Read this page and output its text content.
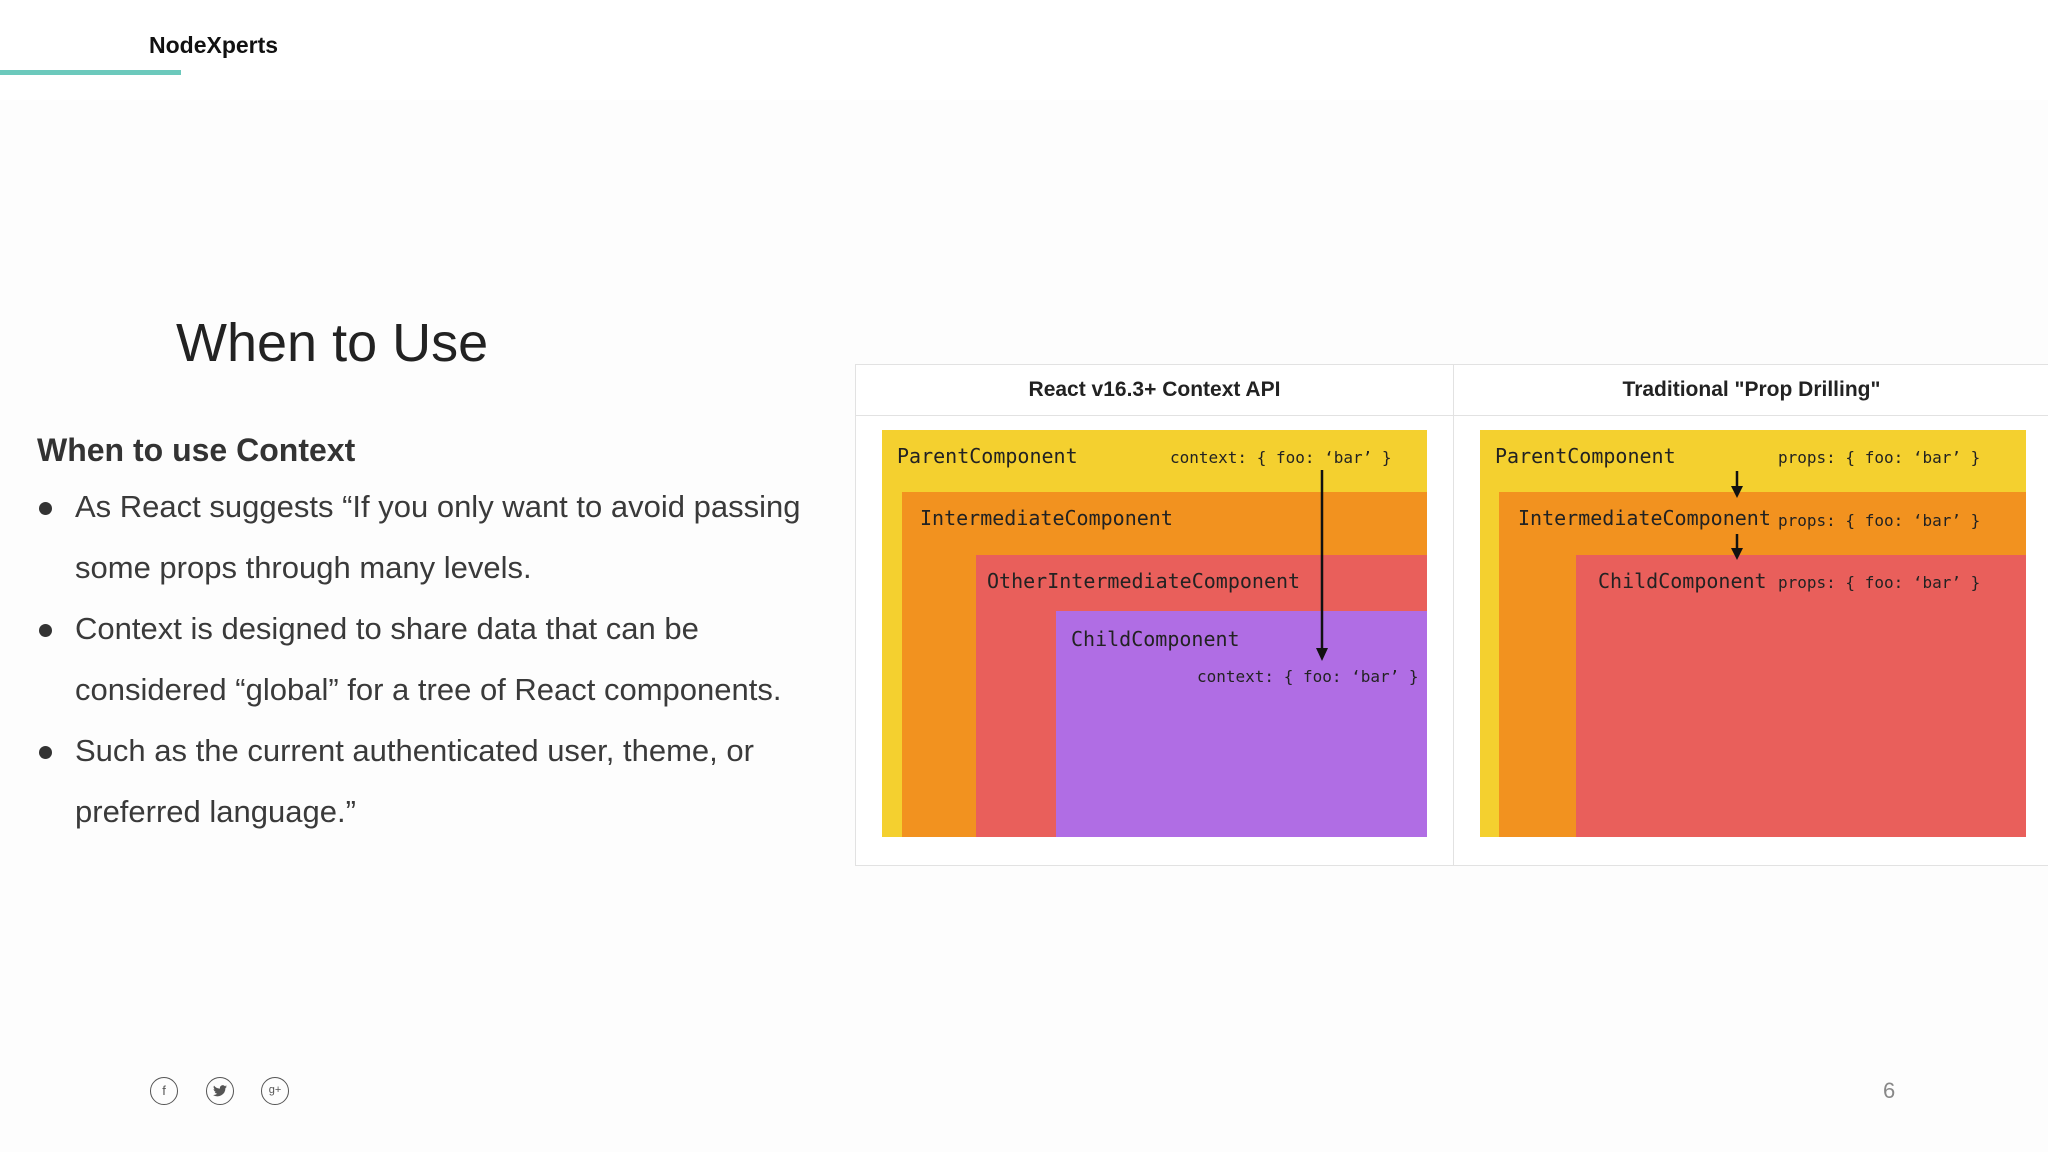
NodeXperts
When to Use
When to use Context
As React suggests “If you only want to avoid passing some props through many levels.
Context is designed to share data that can be considered “global” for a tree of React components.
Such as the current authenticated user, theme, or preferred language.”
React v16.3+ Context API	Traditional "Prop Drilling"
ParentComponent	context: { foo: ‘bar’ }
IntermediateComponent
OtherIntermediateComponent
ChildComponent
context: { foo: ‘bar’ }
ParentComponent	props: { foo: ‘bar’ }
IntermediateComponent props: { foo: ‘bar’ }
ChildComponent props: { foo: ‘bar’ }
f	g+	6
